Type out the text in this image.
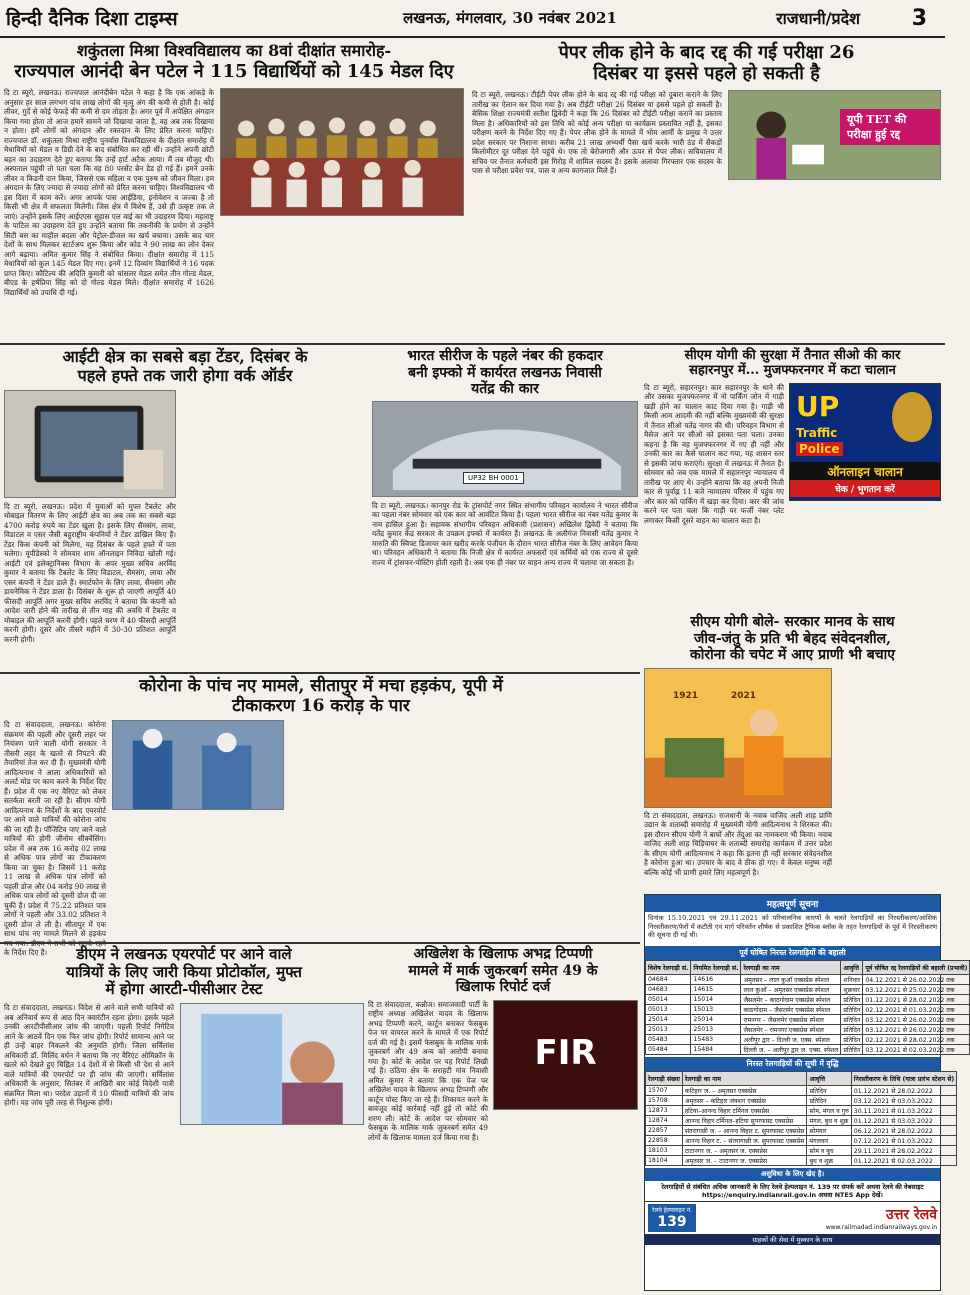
हिन्दी दैनिक दिशा टाइम्स	लखनऊ, मंगलवार, 30 नवंबर 2021	राजधानी/प्रदेश	3
शकुंतला मिश्रा विश्वविद्यालय का 8वां दीक्षांत समारोह-
राज्यपाल आनंदी बेन पटेल ने 115 विद्यार्थियों को 145 मेडल दिए
दि टा ब्यूरो, लखनऊ। राज्यपाल आनंदीबेन पटेल ने कहा है कि एक आंकड़े के अनुसार हर साल लगभग पांच लाख लोगों की मृत्यु अंग की कमी से होती है। कोई लीवर, गुर्दे से कोई फेफड़े की कमी से दम तोड़ता है। अगर पूर्व में अपेक्षित अंगदान किया गया होता तो आज हमारे सामने जो दिखाया जाता है, वह अब तक दिखाया न होता। हमें लोगों को अंगदान और रक्तदान के लिए प्रेरित करना चाहिए। राज्यपाल डॉ. शकुंतला मिश्रा राष्ट्रीय पुनर्वास विश्वविद्यालय के दीक्षांत समारोह में मेधावियों को मेडल व डिग्री देने के बाद संबोधित कर रही थीं। उन्होंने अपनी छोटी बहन का उदाहरण देते हुए बताया कि उन्हें हार्ट अटैक आया। मैं तब मौजूद थी। अस्पताल पहुंची तो पता चला कि वह 80 परसेंट ब्रेन डेड हो गई हैं। हमने उनके लीवर व किडनी दान किया, जिससे एक महिला व एक पुरुष को जीवन मिला। हम अंगदान के लिए ज्यादा से ज्यादा लोगों को प्रेरित करना चाहिए। विश्वविद्यालय भी इस दिशा में काम करें। अगर आपके पास आईडिया, इनोवेशन व जज्बा है तो किसी भी क्षेत्र में सफलता मिलेगी। जिस क्षेत्र में विशेष हैं, उसे ही उत्कृष्ट तक ले जाएं। उन्होंने इसके लिए आईएएस सुहास एल वाई का भी उदाहरण दिया। महाराष्ट्र के पाटिल का उदाहरण देते हुए उन्होंने बताया कि तकनीकी के प्रयोग से उन्होंने सिटी बस का माहौल बदला और पेट्रोल-डीजल का खर्च बचाया। उसके बाद चार देशों के साथ मिलकर स्टार्टअप शुरू किया और कोड ने 90 लाख का लोन देकर आगे बढ़ाया। अमित कुमार सिंह ने संबोधित किया। दीक्षांत समारोह में 115 मेधावियों को कुल 145 मेडल दिए गए। इनमें 12 दिव्यांग विद्यार्थियों ने 16 पदक प्राप्त किए। कौटिल्य की अदिति कुमारी को चांसलर मेडल समेत तीन गोल्ड मेडल, बीएड के हर्षप्रिया सिंह को दो गोल्ड मेडल मिले। दीक्षांत समारोह में 1626 विद्यार्थियों को उपाधि दी गई।
पेपर लीक होने के बाद रद्द की गई परीक्षा 26
दिसंबर या इससे पहले हो सकती है
दि टा ब्यूरो, लखनऊ। टीईटी पेपर लीक होने के बाद रद्द की गई परीक्षा को दुबारा कराने के लिए तारीख का ऐलान कर दिया गया है। अब टीईटी परीक्षा 26 दिसंबर या इससे पहले हो सकती है। बेसिक शिक्षा राज्यमंत्री सतीश द्विवेदी ने कहा कि 26 दिसंबर को टीईटी परीक्षा कराने का प्रस्ताव मिला है। अधिकारियों को इस तिथि को कोई अन्य परीक्षा या कार्यक्रम प्रस्तावित नहीं है, इसका परीक्षण करने के निर्देश दिए गए हैं। पेपर लीक होने के मामले में भोम आर्मी के प्रमुख ने उत्तर प्रदेश सरकार पर निशाना साधा। करीब 21 लाख अभ्यर्थी पैसा खर्च करके भारी ठंड में सैकड़ों किलोमीटर दूर परीक्षा देने पहुंचे थे। एक तो बेरोजगारी और ऊपर से पेपर लीक। सचिवालय में सचिव पर तैनात कर्मचारी इस गिरोह में शामिल सदस्य है। इसके अलावा गिरफ्तार एक सदस्य के पास से परीक्षा प्रवेश पत्र, पास व अन्य कागजात मिले हैं।
यूपी TET की परीक्षा हुई रद्द
आईटी क्षेत्र का सबसे बड़ा टेंडर, दिसंबर के
पहले हफ्ते तक जारी होगा वर्क ऑर्डर
दि टा ब्यूरो, लखनऊ। प्रदेश में युवाओं को मुफ्त टैबलेट और मोबाइल वितरण के लिए आईटी क्षेत्र का अब तक का सबसे बड़ा 4700 करोड़ रुपये का टेंडर खुला है। इसके लिए सैमसंग, लावा, विडाटल व एसर जैसी बहुराष्ट्रीय कंपनियों ने टेंडर डाखिल किए हैं। टेंडर किस कंपनी को मिलेगा, यह दिसंबर के पहले हफ्ते में पता चलेगा। यूपीडेस्को ने सोमवार शाम ऑनलाइन निविदा खोली गई। आईटी एवं इलेक्ट्रानिक्स विभाग के अपर मुख्य सचिव अरविंद कुमार ने बताया कि टैबलेट के लिए विडाटल, सैमसंग, लावा और एसर कंपनी ने टेंडर डाले हैं। स्मार्टफोन के लिए लावा, सैमसंग और डायनेमिक ने टेंडर डाला है। दिसंबर के शुरू हो जाएगी आपूर्ति 40 फीसदी आपूर्ति अगर मुख्य सचिव अरविंद ने बताया कि कंपनी को आदेश जारी होने की तारीख से तीन माह की अवधि में टैबलेट व मोबाइल की आपूर्ति करनी होगी। पहले चरण में 40 फीसदी आपूर्ति करनी होगी। दूसरे और तीसरे महीने में 30-30 प्रतिशत आपूर्ति करनी होगी।
भारत सीरीज के पहले नंबर की हकदार
बनी इफ्को में कार्यरत लखनऊ निवासी
यतेंद्र की कार
UP32 BH 0001
दि टा ब्यूरो, लखनऊ। कानपुर रोड के ट्रांसपोर्ट नगर स्थित संभागीय परिवहन कार्यालय ने भारत सीरीज का पहला नंबर सोमवार को एक कार को आवंटित किया है। पहला भारत सीरीज का नंबर यतेंद्र कुमार के नाम हासिल हुआ है। सहायक संभागीय परिवहन अधिकारी (प्रशासन) अखिलेश द्विवेदी ने बताया कि यतेंद्र कुमार केंद्र सरकार के उपक्रम इफ्को में कार्यरत हैं। लखनऊ के अलीगंज निवासी यतेंद्र कुमार ने मारुति की स्विफ्ट डिजायर कार खरीद करके पंजीयन के दौरान भारत सीरीज नंबर के लिए आवेदन किया था। परिवहन अधिकारी ने बताया कि निजी क्षेत्र में कार्यरत अफसरों एवं कर्मियों को एक राज्य से दूसरे राज्य में ट्रांसफर-पोस्टिंग होती रहती है। अब एक ही नंबर पर वाहन अन्य राज्य में चलाया जा सकता है।
सीएम योगी की सुरक्षा में तैनात सीओ की कार
सहारनपुर में... मुजफ्फरनगर में कटा चालान
दि टा ब्यूरो, सहारनपुर। कार सहारनपुर के थाने की और उसका मुजफ्फरनगर में नो पार्किंग जोन में गाड़ी खड़ी होने का चालान काट दिया गया है। गाड़ी भी किसी आम आदमी की नहीं बल्कि मुख्यमंत्री की सुरक्षा में तैनात सीओ यतेंद्र नागर की थी। परिवहन विभाग से मैसेज आने पर सीओ को इसका पता चला। उनका कहना है कि वह मुजफ्फरनगर में गए ही नहीं और उनकी कार का कैसे चालान कट गया, यह शासन स्तर से इसकी जांच कराएंगे। सुरक्षा में लखनऊ में तैनात हैं। सोमवार को जब एक मामले में सहारनपुर न्यायालय में तारीख पर आए थे। उन्होंने बताया कि वह अपनी निजी कार से पूर्वाह्न 11 बजे न्यायालय परिसर में पहुंच गए और कार को पार्किंग में खड़ा कर दिया। कार की जांच करने पर पता चला कि गाड़ी पर फर्जी नंबर प्लेट लगाकर किसी दूसरे वाहन का चालान कटा है।
UP
Traffic
Police
ऑनलाइन चालान
चेक / भुगतान करें
सीएम योगी बोले- सरकार मानव के साथ
जीव-जंतु के प्रति भी बेहद संवेदनशील,
कोरोना की चपेट में आए प्राणी भी बचाए
1921	2021
दि टा संवाददाता, लखनऊ। राजधानी के नवाब वाजिद अली शाह प्राणि उद्यान के शताब्दी समारोह में मुख्यमंत्री योगी आदित्यनाथ ने शिरकत की। इस दौरान सीएम योगी ने बाघों और तेंदुआ का नामकरण भी किया। नवाब वाजिद अली शाह चिड़ियाघर के शताब्दी समारोह कार्यक्रम में उत्तर प्रदेश के सीएम योगी आदित्यनाथ ने कहा कि इतना ही नहीं सरकार संवेदनशील है कोरोना हुआ था। उपचार के बाद वे ठीक हो गए। ये केवल मनुष्य नहीं बल्कि कोई भी प्राणी हमारे लिए महत्वपूर्ण है।
कोरोना के पांच नए मामले, सीतापुर में मचा हड़कंप, यूपी में
टीकाकरण 16 करोड़ के पार
दि टा संवाददाता, लखनऊ। कोरोना संक्रमण की पहली और दूसरी लहर पर नियंत्रण पाने वाली योगी सरकार ने तीसरी लहर के खतरे से निपटने की तैयारियां तेज कर दी हैं। मुख्यमंत्री योगी आदित्यनाथ ने आला अधिकारियों को अलर्ट मोड पर काम करने के निर्देश दिए हैं। प्रदेश में एक नए वैरिएंट को लेकर सतर्कता बरती जा रही है। सीएम योगी आदित्यनाथ के निर्देशों के बाद एयरपोर्ट पर आने वाले यात्रियों की कोरोना जांच की जा रही है। पॉजिटिव पाए जाने वाले यात्रियों की होगी जीनोम सीक्वेंसिंग। प्रदेश में अब तक 16 करोड़ 02 लाख से अधिक पात्र लोगों का टीकाकरण किया जा चुका है। जिसमें 11 करोड़ 11 लाख से अधिक पात्र लोगों को पहली डोज और 04 करोड़ 90 लाख से अधिक पात्र लोगों को दूसरी डोज दी जा चुकी है। प्रदेश में 75.22 प्रतिशत पात्र लोगों ने पहली और 33.02 प्रतिशत ने दूसरी डोज ले ली है। सीतापुर में एक साथ पांच नए मामले मिलने से हड़कंप के निर्देश दिए हैं।	डीएम ने लखनऊ एयरपोर्ट पर आने वाले
यात्रियों के लिए जारी किया प्रोटोकॉल, मुफ्त
में होगा आरटी-पीसीआर टेस्ट
दि टा संवाददाता, लखनऊ। विदेश से आने वाले सभी यात्रियों को अब अनिवार्य रूप से आठ दिन क्वारंटीन रहना होगा। इसके पहले उनकी आरटीपीसीआर जांच की जाएगी। पहली रिपोर्ट निगेटिव आने के आठवें दिन एक फिर जांच होगी। रिपोर्ट सामान्य आने पर ही उन्हें बाहर निकलने की अनुमति होगी। जिला सर्विलांस अधिकारी डॉ. मिलिंद वर्धन ने बताया कि नए वैरिएंट ओमिक्रॉन के खतरे को देखते हुए चिह्नित 14 देशों में से किसी भी देश से आने वाले यात्रियों की एयरपोर्ट पर ही जांच की जाएगी। सर्विलांस अधिकारी के अनुसार, सितंबर में आखिरी बार कोई विदेशी यात्री संक्रमित मिला था। परदेश उड़ानों में 10 फीसदी यात्रियों की जांच होगी। यह जांच पूरी तरह से निशुल्क होगी।
अखिलेश के खिलाफ अभद्र टिप्पणी
मामले में मार्क जुकरबर्ग समेत 49 के
खिलाफ रिपोर्ट दर्ज
दि टा संवाददाता, कन्नौज। समाजवादी पार्टी के राष्ट्रीय अध्यक्ष अखिलेश यादव के खिलाफ अभद्र टिप्पणी करने, कार्टून बनाकर फेसबुक पेज पर वायरल करने के मामले में एक रिपोर्ट दर्ज की गई है। इसमें फेसबुक के मालिक मार्क जुकरबर्ग और 49 अन्य को आरोपी बनाया गया है। कोर्ट के आदेश पर यह रिपोर्ट लिखी गई है। ठठिया क्षेत्र के सराहटी गांव निवासी अमित कुमार ने बताया कि एक पेज पर अखिलेश यादव के खिलाफ अभद्र टिप्पणी और कार्टून पोस्ट किए जा रहे हैं। शिकायत करने के बावजूद कोई कार्रवाई नहीं हुई तो कोर्ट की शरण ली। कोर्ट के आदेश पर सोमवार को फेसबुक के मालिक मार्क जुकरबर्ग समेत 49 लोगों के खिलाफ मामला दर्ज किया गया है।
FIR
महत्वपूर्ण सूचना
दिनांक 15.10.2021 एवं 29.11.2021 को परिचालनिक कारणों के चलते रेलगाड़ियों का निरस्तीकरण/आंशिक निरस्तीकरण/फेरों में कटौती एवं मार्ग परिवर्तन शीर्षक से प्रकाशित ट्रैफिक ब्लॉक के तहत रेलगाड़ियों के पूर्व में निरस्तीकरण की सूचना दी गई थी।
पूर्व घोषित निरस्त रेलगाड़ियों की बहाली
विशेष रेलगाड़ी सं.	नियमित रेलगाड़ी सं.	रेलगाड़ी का नाम	आवृत्ति	पूर्व घोषित रद्द रेलगाड़ियों की बहाली (प्रभावी)
04684	14616	अमृतसर – लाल कुआँ एक्सप्रेस स्पेशल	शनिवार	04.12.2021 से 26.02.2022 तक
04683	14615	लाल कुआँ – अमृतसर एक्सप्रेस स्पेशल	शुक्रवार	03.12.2021 से 25.02.2022 तक
05014	15014	जैसलमेर – काठगोदाम एक्सप्रेस स्पेशल	प्रतिदिन	01.12.2021 से 28.02.2022 तक
05013	15013	काठगोदाम – जैसलमेर एक्सप्रेस स्पेशल	प्रतिदिन	02.12.2021 से 01.03.2022 तक
25014	25014	रामनगर – जैसलमेर एक्सप्रेस स्पेशल	प्रतिदिन	03.12.2021 से 26.02.2022 तक
25013	25013	जैसलमेर – रामनगर एक्सप्रेस स्पेशल	प्रतिदिन	03.12.2021 से 26.02.2022 तक
05483	15483	अलीपुर द्वार – दिल्ली ज. एक्स. स्पेशल	प्रतिदिन	02.12.2021 से 28.02.2022 तक
05484	15484	दिल्ली ज. – अलीपुर द्वार ज. एक्स. स्पेशल	प्रतिदिन	03.12.2021 से 02.03.2022 तक
निरस्त रेलगाड़ियों की सूची में वृद्धि
रेलगाड़ी संख्या	रेलगाड़ी का नाम	आवृत्ति	निरस्तीकरण के तिथि (यात्रा प्रारंभ स्टेशन से)
15707	कटिहार ज. – अमृतसर एक्सप्रेस	प्रतिदिन	01.12.2021 से 28.02.2022
15708	अमृतसर – कटिहार जंक्शन एक्सप्रेस	प्रतिदिन	03.12.2021 से 03.03.2022
12873	हटिया–आनन्द विहार टर्मिनल एक्सप्रेस	सोम, मंगल व गुरु	30.11.2021 से 01.03.2022
12874	आनन्द विहार टर्मिनल–हटिया सुपरफास्ट एक्सप्रेस	मंगल, बुध व शुक्र	01.12.2021 से 03.03.2022
22857	संतरागाछी ज. – आनन्द विहार ट. सुपरफास्ट एक्सप्रेस	सोमवार	06.12.2021 से 28.02.2022
22858	आनन्द विहार ट. – संतरागाछी ज. सुपरफास्ट एक्सप्रेस	मंगलवार	07.12.2021 से 01.03.2022
18103	टाटानगर ज. – अमृतसर ज. एक्सप्रेस	सोम व बुध	29.11.2021 से 28.02.2022
18104	अमृतसर ज. – टाटानगर ज. एक्सप्रेस	बुध व शुक्र	01.12.2021 से 02.03.2022
असुविधा के लिए खेद है।
रेलगाड़ियों से संबंधित अधिक जानकारी के लिए रेलवे हेल्पलाइन नं. 139 पर संपर्क करें अथवा रेलवे की वेबसाइट https://enquiry.indianrail.gov.in अथवा NTES App देखें।
रेलवे हेल्पलाइन नं.
139	उत्तर रेलवे
www.railmadad.indianrailways.gov.in
ग्राहकों की सेवा में मुस्कान के साथ
